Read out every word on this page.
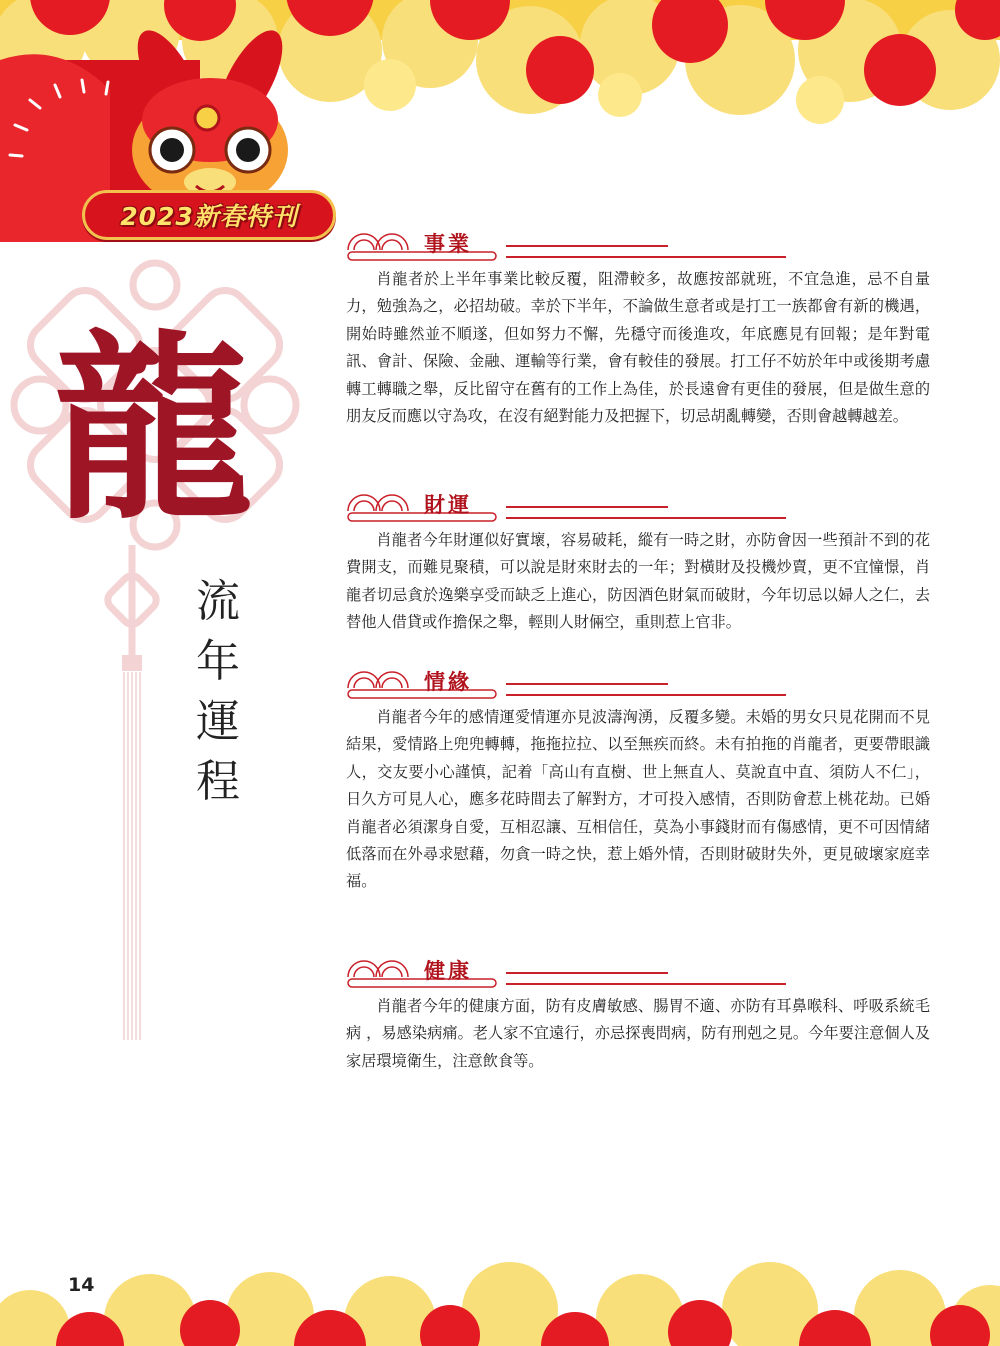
2023新春特刊
龍
流
年
運
程
事業

肖龍者於上半年事業比較反覆，阻滯較多，故應按部就班，不宜急進，忌不自量力，勉強為之，必招劫破。幸於下半年，不論做生意者或是打工一族都會有新的機遇，開始時雖然並不順遂，但如努力不懈，先穩守而後進攻，年底應見有回報；是年對電訊、會計、保險、金融、運輸等行業，會有較佳的發展。打工仔不妨於年中或後期考慮轉工轉職之舉，反比留守在舊有的工作上為佳，於長遠會有更佳的發展，但是做生意的朋友反而應以守為攻，在沒有絕對能力及把握下，切忌胡亂轉變，否則會越轉越差。

財運

肖龍者今年財運似好實壞，容易破耗，縱有一時之財，亦防會因一些預計不到的花費開支，而難見聚積，可以說是財來財去的一年；對橫財及投機炒賣，更不宜憧憬，肖龍者切忌貪於逸樂享受而缺乏上進心，防因酒色財氣而破財，今年切忌以婦人之仁，去替他人借貸或作擔保之舉，輕則人財倆空，重則惹上官非。

情緣

肖龍者今年的感情運愛情運亦見波濤洶湧，反覆多變。未婚的男女只見花開而不見結果，愛情路上兜兜轉轉，拖拖拉拉、以至無疾而終。未有拍拖的肖龍者，更要帶眼識人，交友要小心謹慎，記着「高山有直樹、世上無直人、莫說直中直、須防人不仁」，日久方可見人心，應多花時間去了解對方，才可投入感情，否則防會惹上桃花劫。已婚肖龍者必須潔身自愛，互相忍讓、互相信任，莫為小事錢財而有傷感情，更不可因情緒低落而在外尋求慰藉，勿貪一時之快，惹上婚外情，否則財破財失外，更見破壞家庭幸福。

健康

肖龍者今年的健康方面，防有皮膚敏感、腸胃不適、亦防有耳鼻喉科、呼吸系統毛病 ，易感染病痛。老人家不宜遠行，亦忌探喪問病，防有刑剋之見。今年要注意個人及家居環境衛生，注意飲食等。

14
